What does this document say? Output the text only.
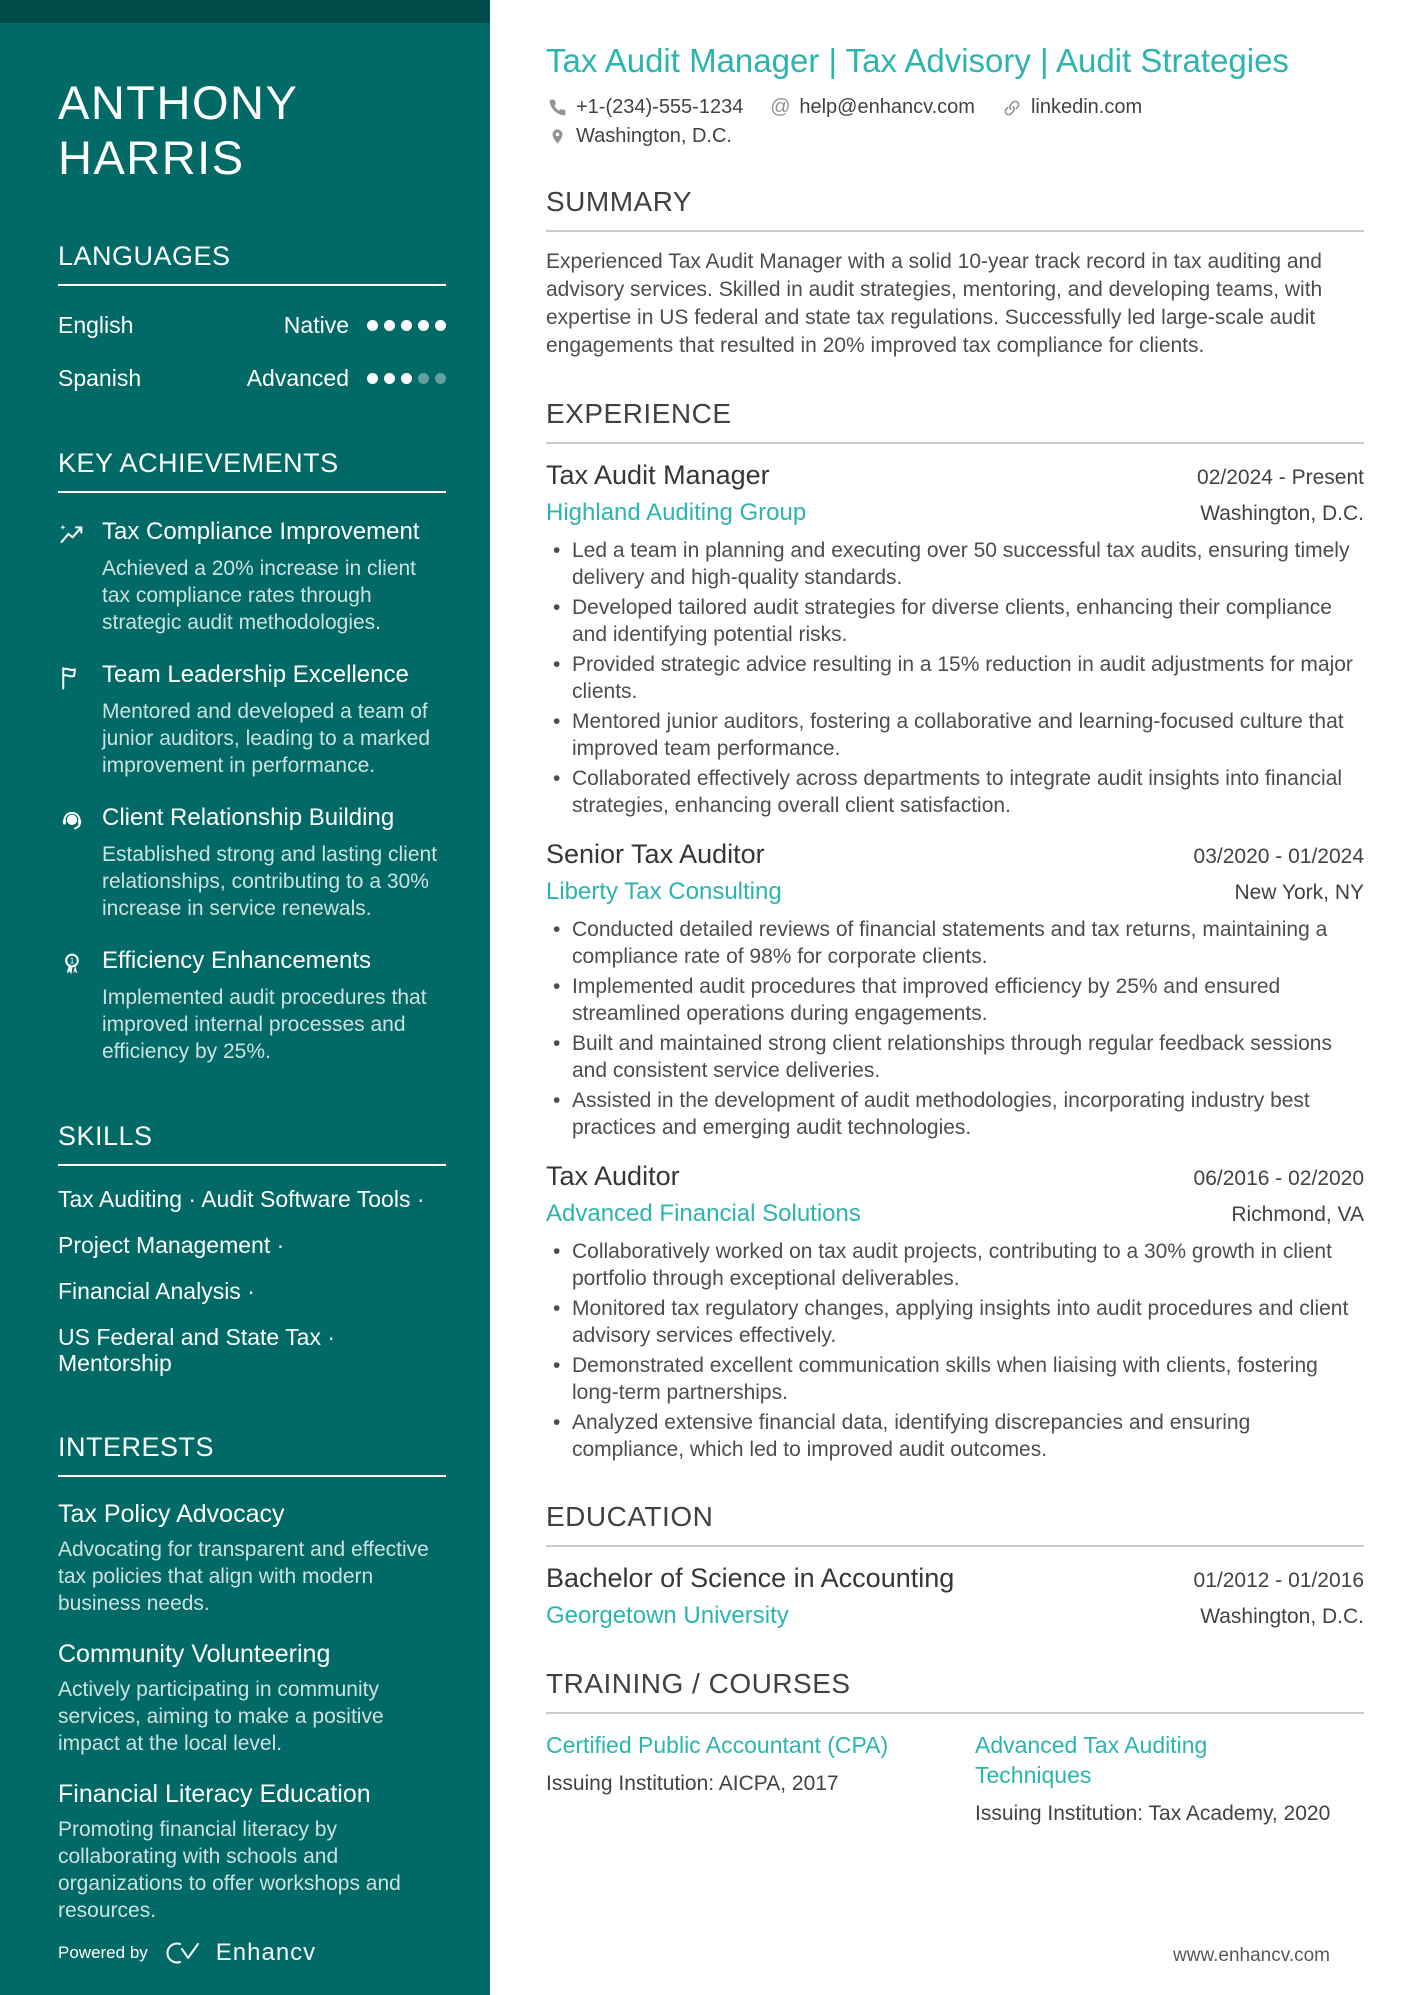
ANTHONY
HARRIS
LANGUAGES
English	Native
Spanish	Advanced
KEY ACHIEVEMENTS
Tax Compliance Improvement
Achieved a 20% increase in client tax compliance rates through strategic audit methodologies.
Team Leadership Excellence
Mentored and developed a team of junior auditors, leading to a marked improvement in performance.
Client Relationship Building
Established strong and lasting client relationships, contributing to a 30% increase in service renewals.
1 Efficiency Enhancements
Implemented audit procedures that improved internal processes and efficiency by 25%.
SKILLS
Tax Auditing · Audit Software Tools ·
Project Management ·
Financial Analysis ·
US Federal and State Tax · Mentorship
INTERESTS
Tax Policy Advocacy
Advocating for transparent and effective tax policies that align with modern business needs.
Community Volunteering
Actively participating in community services, aiming to make a positive impact at the local level.
Financial Literacy Education
Promoting financial literacy by collaborating with schools and organizations to offer workshops and resources.
Powered by	Enhancv
Tax Audit Manager | Tax Advisory | Audit Strategies
+1-(234)-555-1234 @ help@enhancv.com	linkedin.com
Washington, D.C.
SUMMARY

Experienced Tax Audit Manager with a solid 10-year track record in tax auditing and advisory services. Skilled in audit strategies, mentoring, and developing teams, with expertise in US federal and state tax regulations. Successfully led large-scale audit engagements that resulted in 20% improved tax compliance for clients.

EXPERIENCE
Tax Audit Manager	02/2024 - Present
Highland Auditing Group	Washington, D.C.
• Led a team in planning and executing over 50 successful tax audits, ensuring timely delivery and high-quality standards.
• Developed tailored audit strategies for diverse clients, enhancing their compliance and identifying potential risks.
• Provided strategic advice resulting in a 15% reduction in audit adjustments for major clients.
• Mentored junior auditors, fostering a collaborative and learning-focused culture that improved team performance.
• Collaborated effectively across departments to integrate audit insights into financial strategies, enhancing overall client satisfaction.
Senior Tax Auditor	03/2020 - 01/2024
Liberty Tax Consulting	New York, NY
• Conducted detailed reviews of financial statements and tax returns, maintaining a compliance rate of 98% for corporate clients.
• Implemented audit procedures that improved efficiency by 25% and ensured streamlined operations during engagements.
• Built and maintained strong client relationships through regular feedback sessions and consistent service deliveries.
• Assisted in the development of audit methodologies, incorporating industry best practices and emerging audit technologies.
Tax Auditor	06/2016 - 02/2020
Advanced Financial Solutions	Richmond, VA
• Collaboratively worked on tax audit projects, contributing to a 30% growth in client portfolio through exceptional deliverables.
• Monitored tax regulatory changes, applying insights into audit procedures and client advisory services effectively.
• Demonstrated excellent communication skills when liaising with clients, fostering long-term partnerships.
• Analyzed extensive financial data, identifying discrepancies and ensuring compliance, which led to improved audit outcomes.
EDUCATION
Bachelor of Science in Accounting	01/2012 - 01/2016
Georgetown University	Washington, D.C.
TRAINING / COURSES
Certified Public Accountant (CPA)
Issuing Institution: AICPA, 2017
Advanced Tax Auditing Techniques
Issuing Institution: Tax Academy, 2020
www.enhancv.com
